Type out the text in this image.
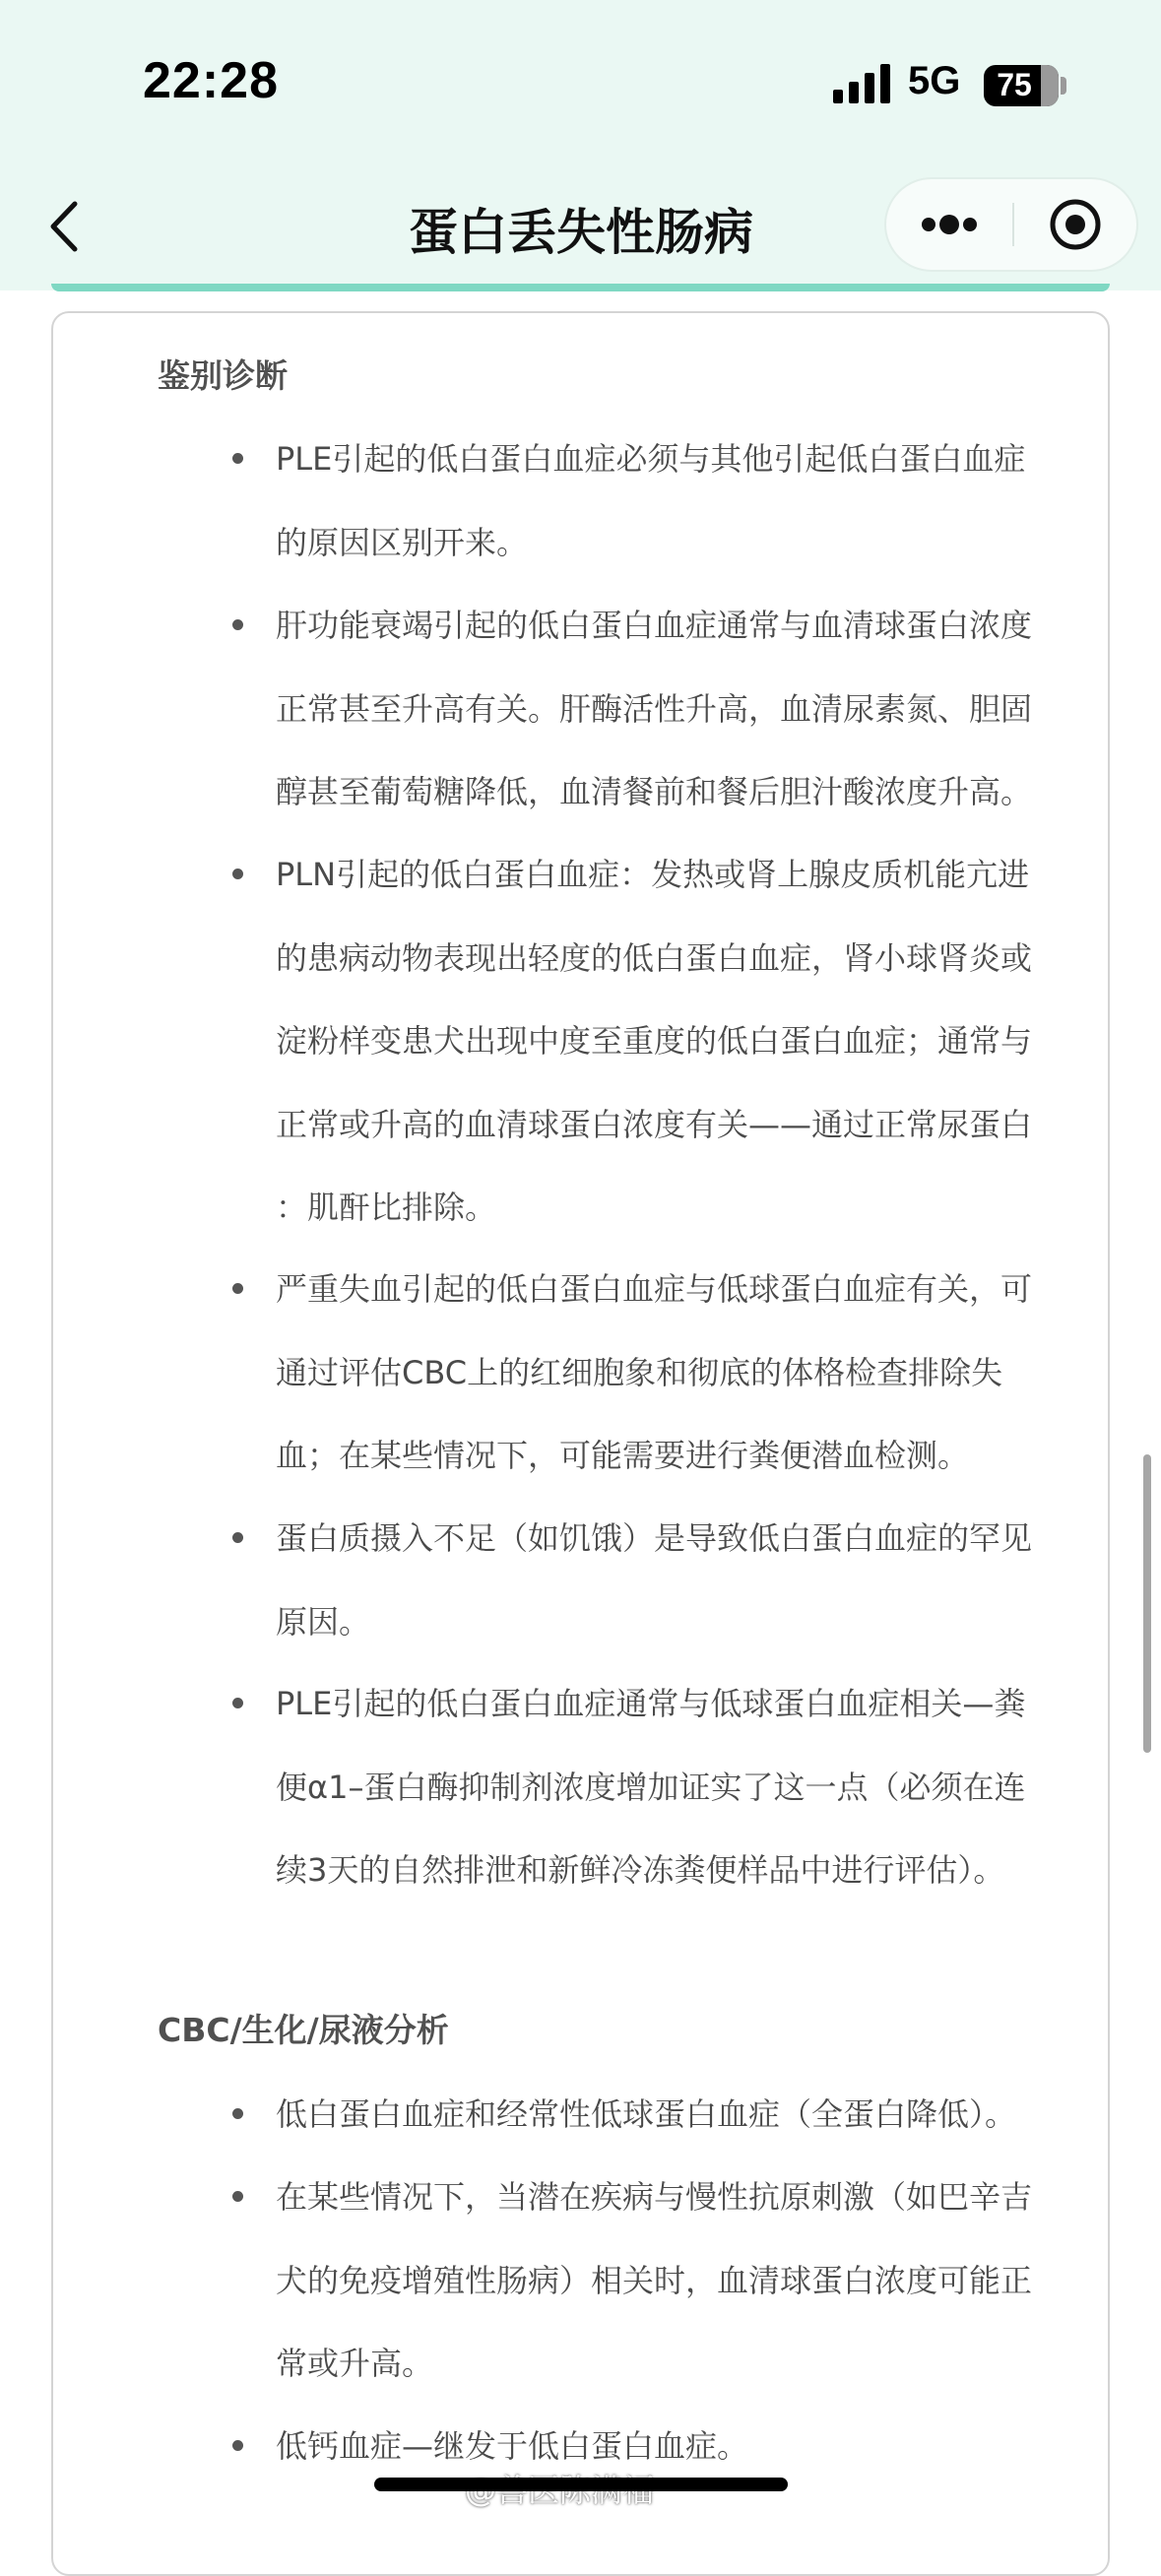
22:28	5G	75
蛋白丢失性肠病
鉴别诊断
PLE引起的低白蛋白血症必须与其他引起低白蛋白血症
的原因区别开来。
肝功能衰竭引起的低白蛋白血症通常与血清球蛋白浓度
正常甚至升高有关。肝酶活性升高，血清尿素氮、胆固
醇甚至葡萄糖降低，血清餐前和餐后胆汁酸浓度升高。
PLN引起的低白蛋白血症：发热或肾上腺皮质机能亢进
的患病动物表现出轻度的低白蛋白血症，肾小球肾炎或
淀粉样变患犬出现中度至重度的低白蛋白血症；通常与
正常或升高的血清球蛋白浓度有关——通过正常尿蛋白
：肌酐比排除。
严重失血引起的低白蛋白血症与低球蛋白血症有关，可
通过评估CBC上的红细胞象和彻底的体格检查排除失
血；在某些情况下，可能需要进行粪便潜血检测。
蛋白质摄入不足（如饥饿）是导致低白蛋白血症的罕见
原因。
PLE引起的低白蛋白血症通常与低球蛋白血症相关—粪
便α1–蛋白酶抑制剂浓度增加证实了这一点（必须在连
续3天的自然排泄和新鲜冷冻粪便样品中进行评估）。
CBC/生化/尿液分析
低白蛋白血症和经常性低球蛋白血症（全蛋白降低）。
在某些情况下，当潜在疾病与慢性抗原刺激（如巴辛吉
犬的免疫增殖性肠病）相关时，血清球蛋白浓度可能正
常或升高。
低钙血症—继发于低白蛋白血症。
